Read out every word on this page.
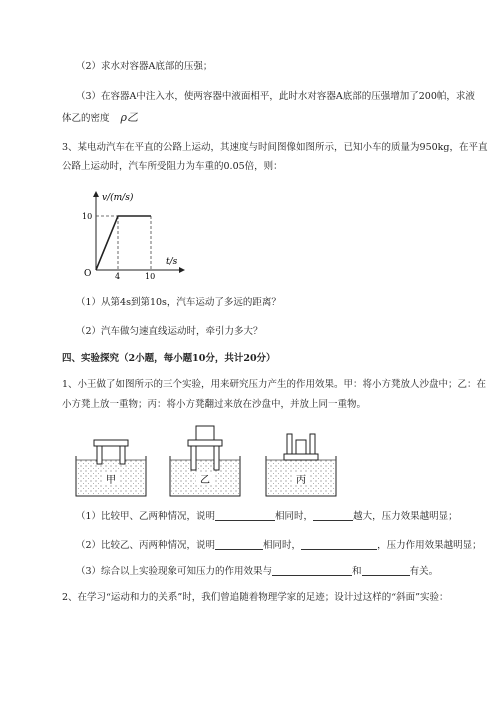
（2）求水对容器A底部的压强；
（3）在容器A中注入水，使两容器中液面相平，此时水对容器A底部的压强增加了200帕，求液
体乙的密度 ρ乙
3、某电动汽车在平直的公路上运动，其速度与时间图像如图所示，已知小车的质量为950kg，在平直
公路上运动时，汽车所受阻力为车重的0.05倍，则：
v/(m/s)
t/s
O
10
4	10
（1）从第4s到第10s，汽车运动了多远的距离？
（2）汽车做匀速直线运动时，牵引力多大？
四、实验探究（2小题，每小题10分，共计20分）
1、小王做了如图所示的三个实验，用来研究压力产生的作用效果。甲：将小方凳放人沙盘中；乙：在
小方凳上放一重物；丙：将小方凳翻过来放在沙盘中，并放上同一重物。
甲	乙	丙
（1）比较甲、乙两种情况，说明	相同时，	越大，压力效果越明显；
（2）比较乙、丙两种情况，说明	相同时，	，压力作用效果越明显；
（3）综合以上实验现象可知压力的作用效果与	和	有关。
2、在学习“运动和力的关系”时，我们曾追随着物理学家的足迹；设计过这样的“斜面”实验：
